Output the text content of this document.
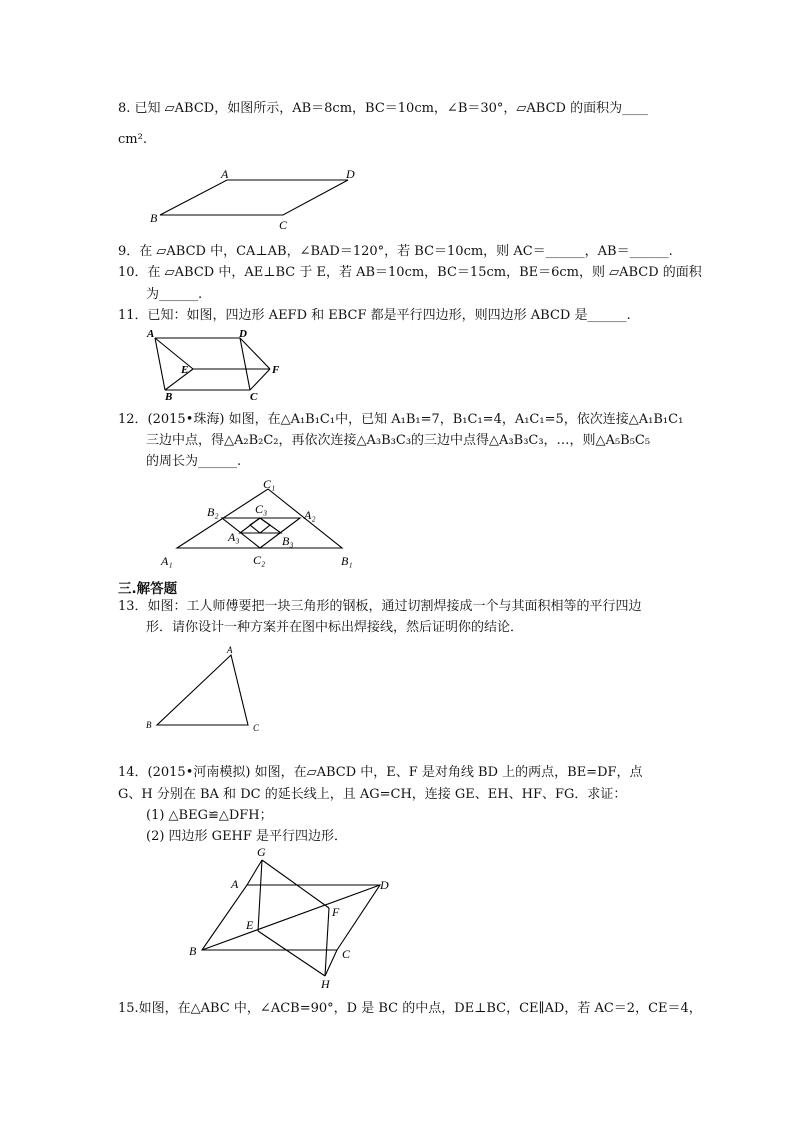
8. 已知 ▱ABCD，如图所示，AB＝8cm，BC＝10cm，∠B＝30°，▱ABCD 的面积为____
cm².
A	D
B	C
9．在 ▱ABCD 中，CA⊥AB，∠BAD＝120°，若 BC＝10cm，则 AC＝______，AB＝______.
10．在 ▱ABCD 中，AE⊥BC 于 E，若 AB＝10cm，BC＝15cm，BE＝6cm，则 ▱ABCD 的面积
为______.
11．已知：如图，四边形 AEFD 和 EBCF 都是平行四边形，则四边形 ABCD 是______.
A	D
E	F
B	C
12．(2015•珠海) 如图，在△A₁B₁C₁中，已知 A₁B₁=7，B₁C₁=4，A₁C₁=5，依次连接△A₁B₁C₁
三边中点，得△A₂B₂C₂，再依次连接△A₃B₃C₃的三边中点得△A₃B₃C₃，…，则△A₅B₅C₅
的周长为______.
C₁
B₂	A₂
C₃
A₃	B₃
A₁	C₂	B₁
三.解答题
13．如图：工人师傅要把一块三角形的钢板，通过切割焊接成一个与其面积相等的平行四边
形．请你设计一种方案并在图中标出焊接线，然后证明你的结论．
A
B	C
14．(2015•河南模拟) 如图，在▱ABCD 中，E、F 是对角线 BD 上的两点，BE=DF，点
G、H 分别在 BA 和 DC 的延长线上，且 AG=CH，连接 GE、EH、HF、FG．求证：
(1) △BEG≌△DFH；
(2) 四边形 GEHF 是平行四边形．
G
A	D
F
E
B	C
H
15.如图，在△ABC 中，∠ACB=90°，D 是 BC 的中点，DE⊥BC，CE∥AD，若 AC＝2，CE＝4，
